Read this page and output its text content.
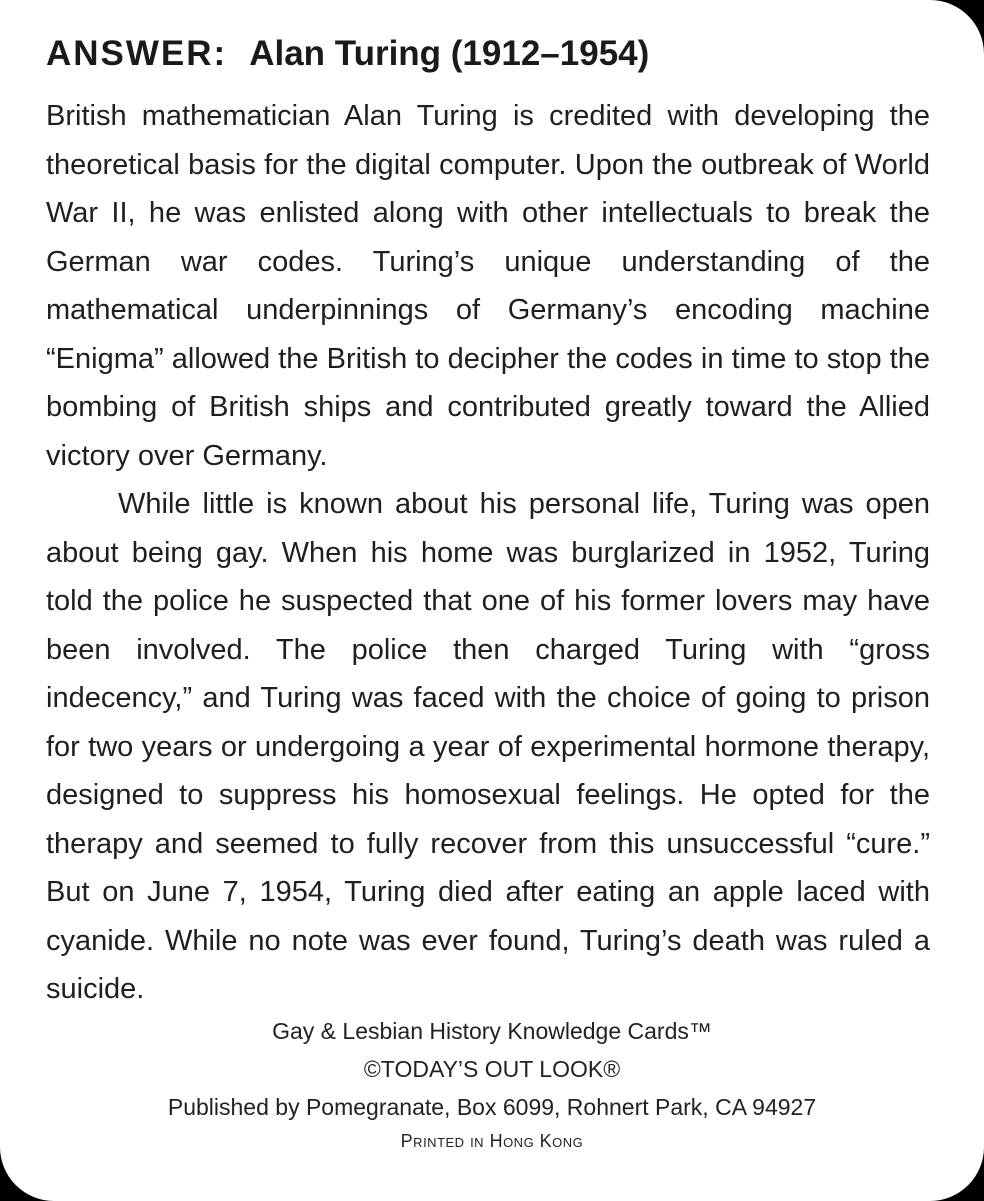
ANSWER: Alan Turing (1912–1954)

British mathematician Alan Turing is credited with developing the theoretical basis for the digital computer. Upon the outbreak of World War II, he was enlisted along with other intellectuals to break the German war codes. Turing’s unique understanding of the mathematical underpinnings of Germany’s encoding machine “Enigma” allowed the British to decipher the codes in time to stop the bombing of British ships and contributed greatly toward the Allied victory over Germany.

While little is known about his personal life, Turing was open about being gay. When his home was burglarized in 1952, Turing told the police he suspected that one of his former lovers may have been involved. The police then charged Turing with “gross indecency,” and Turing was faced with the choice of going to prison for two years or undergoing a year of experimental hormone therapy, designed to suppress his homosexual feelings. He opted for the therapy and seemed to fully recover from this unsuccessful “cure.” But on June 7, 1954, Turing died after eating an apple laced with cyanide. While no note was ever found, Turing’s death was ruled a suicide.

Gay & Lesbian History Knowledge Cards™
©TODAY’S OUT LOOK®
Published by Pomegranate, Box 6099, Rohnert Park, CA 94927
Printed in Hong Kong
